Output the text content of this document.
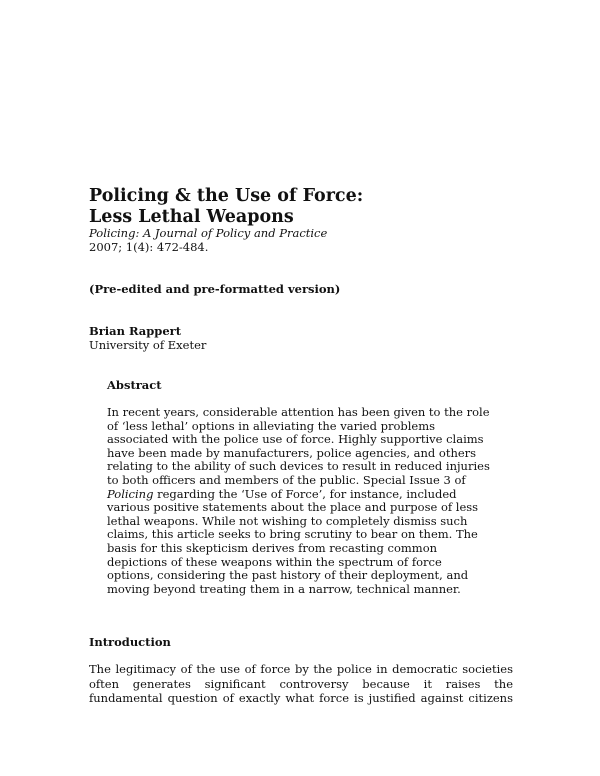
Policing & the Use of Force:
Less Lethal Weapons
Policing: A Journal of Policy and Practice
2007; 1(4): 472-484.
(Pre-edited and pre-formatted version)
Brian Rappert
University of Exeter
Abstract
In recent years, considerable attention has been given to the role
of ‘less lethal’ options in alleviating the varied problems
associated with the police use of force. Highly supportive claims
have been made by manufacturers, police agencies, and others
relating to the ability of such devices to result in reduced injuries
to both officers and members of the public. Special Issue 3 of
Policing regarding the ‘Use of Force’, for instance, included
various positive statements about the place and purpose of less
lethal weapons. While not wishing to completely dismiss such
claims, this article seeks to bring scrutiny to bear on them. The
basis for this skepticism derives from recasting common
depictions of these weapons within the spectrum of force
options, considering the past history of their deployment, and
moving beyond treating them in a narrow, technical manner.
Introduction
The legitimacy of the use of force by the police in democratic societies
often generates significant controversy because it raises the
fundamental question of exactly what force is justified against citizens
